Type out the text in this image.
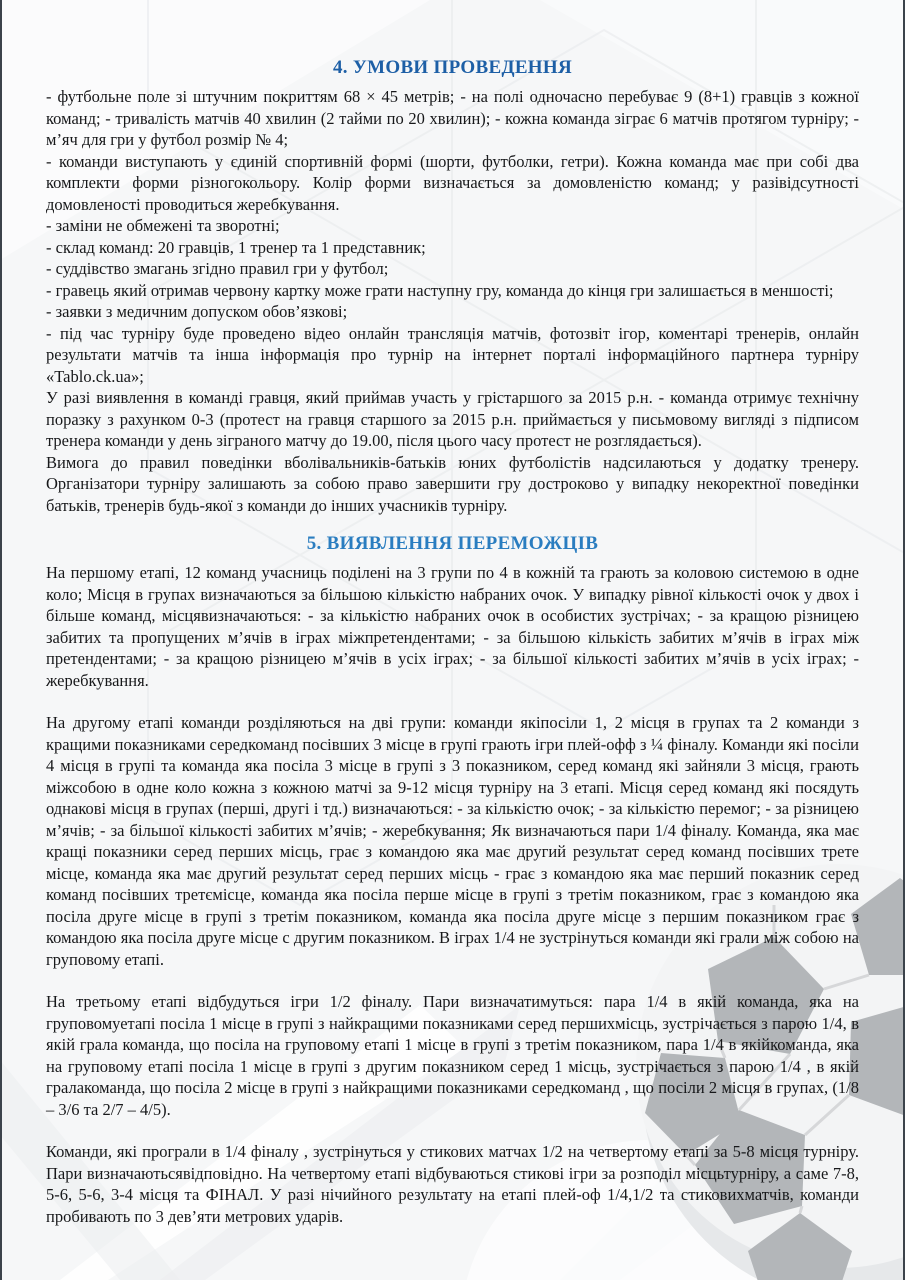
4. УМОВИ ПРОВЕДЕННЯ

- футбольне поле зі штучним покриттям 68 × 45 метрів; - на полі одночасно перебуває 9 (8+1) гравців з кожної команд; - тривалість матчів 40 хвилин (2 тайми по 20 хвилин); - кожна команда зіграє 6 матчів протягом турніру; - м’яч для гри у футбол розмір № 4;

- команди виступають у єдиній спортивній формі (шорти, футболки, гетри). Кожна команда має при собі два комплекти форми різногокольору. Колір форми визначається за домовленістю команд; у разівідсутності домовленості проводиться жеребкування.

- заміни не обмежені та зворотні;

- склад команд: 20 гравців, 1 тренер та 1 представник;

- суддівство змагань згідно правил гри у футбол;

- гравець який отримав червону картку може грати наступну гру, команда до кінця гри залишається в меншості;

- заявки з медичним допуском обов’язкові;

- під час турніру буде проведено відео онлайн трансляція матчів, фотозвіт ігор, коментарі тренерів, онлайн результати матчів та інша інформація про турнір на інтернет порталі інформаційного партнера турніру «Tablo.ck.ua»;

У разі виявлення в команді гравця, який приймав участь у грістаршого за 2015 р.н. - команда отримує технічну поразку з рахунком 0-3 (протест на гравця старшого за 2015 р.н. приймається у письмовому вигляді з підписом тренера команди у день зіграного матчу до 19.00, після цього часу протест не розглядається).

Вимога до правил поведінки вболівальників-батьків юних футболістів надсилаються у додатку тренеру. Організатори турніру залишають за собою право завершити гру достроково у випадку некоректної поведінки батьків, тренерів будь-якої з команди до інших учасників турніру.

5. ВИЯВЛЕННЯ ПЕРЕМОЖЦІВ

На першому етапі, 12 команд учасниць поділені на 3 групи по 4 в кожній та грають за коловою системою в одне коло; Місця в групах визначаються за більшою кількістю набраних очок. У випадку рівної кількості очок у двох і більше команд, місцявизначаються: - за кількістю набраних очок в особистих зустрічах; - за кращою різницею забитих та пропущених м’ячів в іграх міжпретендентами; - за більшою кількість забитих м’ячів в іграх між претендентами; - за кращою різницею м’ячів в усіх іграх; - за більшої кількості забитих м’ячів в усіх іграх; - жеребкування.

На другому етапі команди розділяються на дві групи: команди якіпосіли 1, 2 місця в групах та 2 команди з кращими показниками середкоманд посівших 3 місце в групі грають ігри плей-офф з ¼ фіналу. Команди які посіли 4 місця в групі та команда яка посіла 3 місце в групі з 3 показником, серед команд які зайняли 3 місця, грають міжсобою в одне коло кожна з кожною матчі за 9-12 місця турніру на 3 етапі. Місця серед команд які посядуть однакові місця в групах (перші, другі і тд.) визначаються: - за кількістю очок; - за кількістю перемог; - за різницею м’ячів; - за більшої кількості забитих м’ячів; - жеребкування; Як визначаються пари 1/4 фіналу. Команда, яка має кращі показники серед перших місць, грає з командою яка має другий результат серед команд посівших трете місце, команда яка має другий результат серед перших місць - грає з командою яка має перший показник серед команд посівших третємісце, команда яка посіла перше місце в групі з третім показником, грає з командою яка посіла друге місце в групі з третім показником, команда яка посіла друге місце з першим показником грає з командою яка посіла друге місце с другим показником. В іграх 1/4 не зустрінуться команди які грали між собою на груповому етапі.

На третьому етапі відбудуться ігри 1/2 фіналу. Пари визначатимуться: пара 1/4 в якій команда, яка на груповомуетапі посіла 1 місце в групі з найкращими показниками серед першихмісць, зустрічається з парою 1/4, в якій грала команда, що посіла на груповому етапі 1 місце в групі з третім показником, пара 1/4 в якійкоманда, яка на груповому етапі посіла 1 місце в групі з другим показником серед 1 місць, зустрічається з парою 1/4 , в якій гралакоманда, що посіла 2 місце в групі з найкращими показниками середкоманд , що посіли 2 місця в групах, (1/8 – 3/6 та 2/7 – 4/5).

Команди, які програли в 1/4 фіналу , зустрінуться у стикових матчах 1/2 на четвертому етапі за 5-8 місця турніру. Пари визначаютьсявідповідно. На четвертому етапі відбуваються стикові ігри за розподіл місцьтурніру, а саме 7-8, 5-6, 5-6, 3-4 місця та ФІНАЛ. У разі нічийного результату на етапі плей-оф 1/4,1/2 та стиковихматчів, команди пробивають по 3 дев’яти метрових ударів.
